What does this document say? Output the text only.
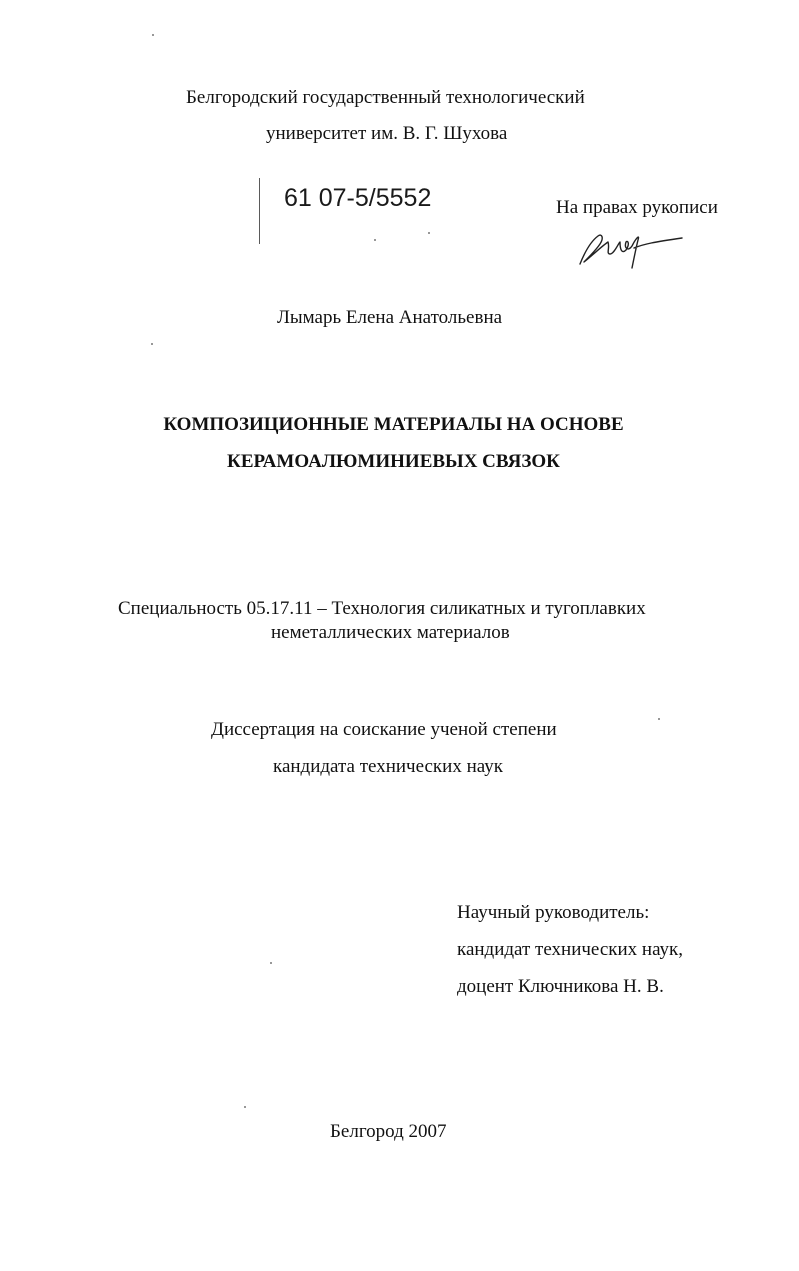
Белгородский государственный технологический
университет им. В. Г. Шухова
61 07-5/5552	На правах рукописи
Лымарь Елена Анатольевна
КОМПОЗИЦИОННЫЕ МАТЕРИАЛЫ НА ОСНОВЕ
КЕРАМОАЛЮМИНИЕВЫХ СВЯЗОК
Специальность 05.17.11 – Технология силикатных и тугоплавких
неметаллических материалов
Диссертация на соискание ученой степени
кандидата технических наук
Научный руководитель:
кандидат технических наук,
доцент Ключникова Н. В.
Белгород 2007
